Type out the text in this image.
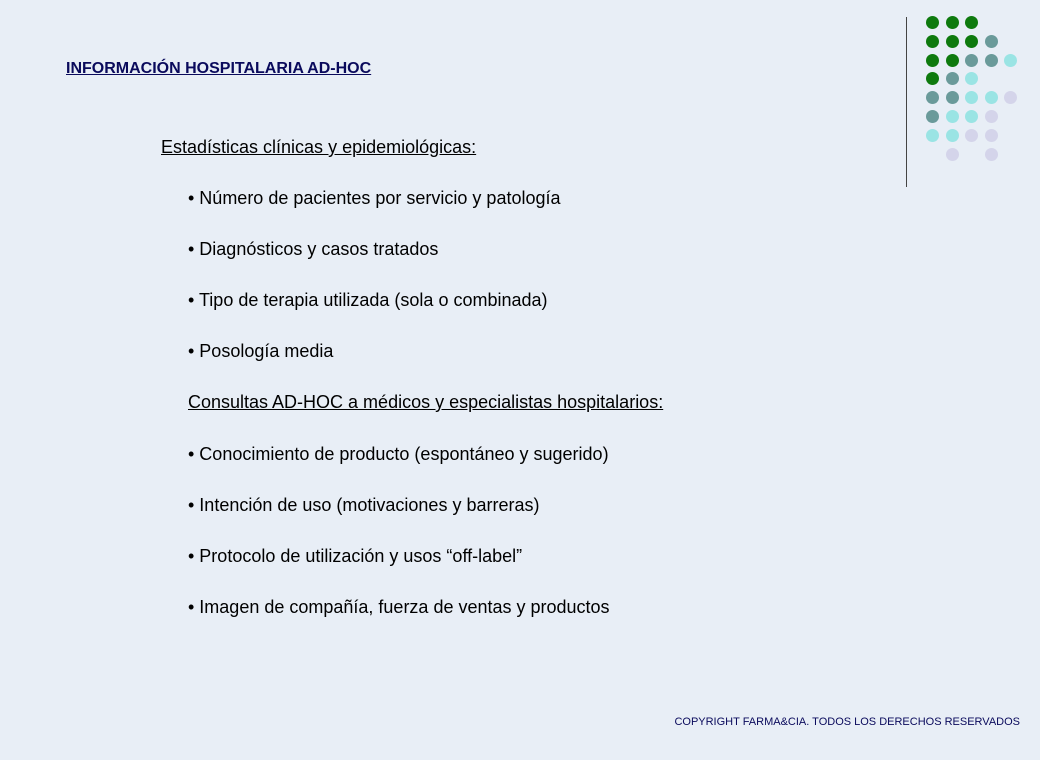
INFORMACIÓN HOSPITALARIA AD-HOC
Estadísticas clínicas y epidemiológicas:
• Número de pacientes por servicio y patología
• Diagnósticos y casos tratados
• Tipo de terapia utilizada (sola o combinada)
• Posología media
Consultas AD-HOC a médicos y especialistas hospitalarios:
• Conocimiento de producto (espontáneo y sugerido)
• Intención de uso (motivaciones y barreras)
• Protocolo de utilización y usos “off-label”
• Imagen de compañía, fuerza de ventas y productos
COPYRIGHT FARMA&CIA. TODOS LOS DERECHOS RESERVADOS
